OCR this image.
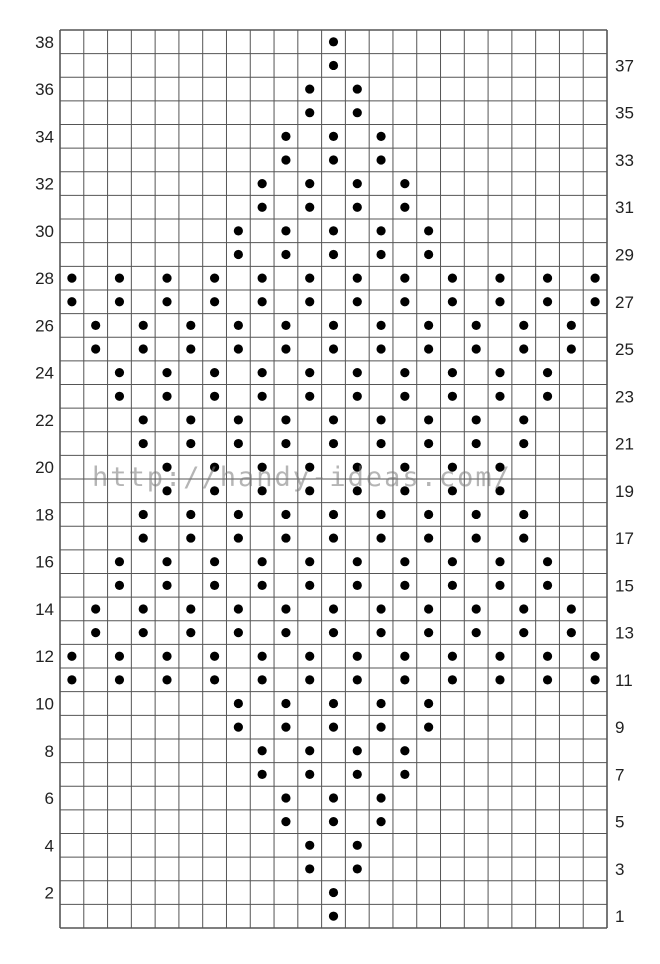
38
36
34
32
30
28
26
24
22
20
18
16
14
12
10
8
6
4
2
37
35
33
31
29
27
25
23
21
19
17
15
13
11
9
7
5
3
1
http://handy-ideas.com/
